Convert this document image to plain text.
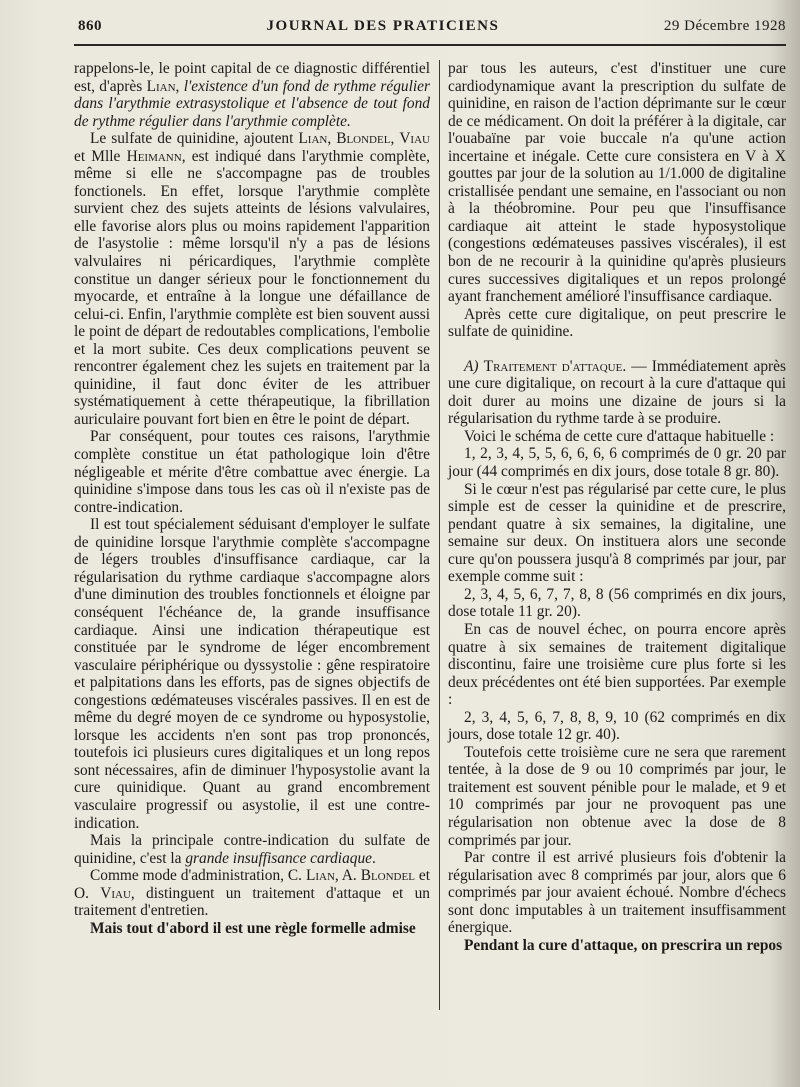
860	JOURNAL DES PRATICIENS	29 Décembre 1928

rappelons-le, le point capital de ce diagnostic différentiel est, d'après Lian, l'existence d'un fond de rythme régulier dans l'arythmie extrasystolique et l'absence de tout fond de rythme régulier dans l'arythmie complète.

Le sulfate de quinidine, ajoutent Lian, Blondel, Viau et Mlle Heimann, est indiqué dans l'arythmie complète, même si elle ne s'accompagne pas de troubles fonctionels. En effet, lorsque l'arythmie complète survient chez des sujets atteints de lésions valvulaires, elle favorise alors plus ou moins rapidement l'apparition de l'asystolie : même lorsqu'il n'y a pas de lésions valvulaires ni péricardiques, l'arythmie complète constitue un danger sérieux pour le fonctionnement du myocarde, et entraîne à la longue une défaillance de celui-ci. Enfin, l'arythmie complète est bien souvent aussi le point de départ de redoutables complications, l'embolie et la mort subite. Ces deux complications peuvent se rencontrer également chez les sujets en traitement par la quinidine, il faut donc éviter de les attribuer systématiquement à cette thérapeutique, la fibrillation auriculaire pouvant fort bien en être le point de départ.

Par conséquent, pour toutes ces raisons, l'arythmie complète constitue un état pathologique loin d'être négligeable et mérite d'être combattue avec énergie. La quinidine s'impose dans tous les cas où il n'existe pas de contre-indication.

Il est tout spécialement séduisant d'employer le sulfate de quinidine lorsque l'arythmie complète s'accompagne de légers troubles d'insuffisance cardiaque, car la régularisation du rythme cardiaque s'accompagne alors d'une diminution des troubles fonctionnels et éloigne par conséquent l'échéance de, la grande insuffisance cardiaque. Ainsi une indication thérapeutique est constituée par le syndrome de léger encombrement vasculaire périphérique ou dyssystolie : gêne respiratoire et palpitations dans les efforts, pas de signes objectifs de congestions œdémateuses viscérales passives. Il en est de même du degré moyen de ce syndrome ou hyposystolie, lorsque les accidents n'en sont pas trop prononcés, toutefois ici plusieurs cures digitaliques et un long repos sont nécessaires, afin de diminuer l'hyposystolie avant la cure quinidique. Quant au grand encombrement vasculaire progressif ou asystolie, il est une contre-indication.

Mais la principale contre-indication du sulfate de quinidine, c'est la grande insuffisance cardiaque.

Comme mode d'administration, C. Lian, A. Blondel et O. Viau, distinguent un traitement d'attaque et un traitement d'entretien.

Mais tout d'abord il est une règle formelle admise

par tous les auteurs, c'est d'instituer une cure cardiodynamique avant la prescription du sulfate de quinidine, en raison de l'action déprimante sur le cœur de ce médicament. On doit la préférer à la digitale, car l'ouabaïne par voie buccale n'a qu'une action incertaine et inégale. Cette cure consistera en V à X gouttes par jour de la solution au 1/1.000 de digitaline cristallisée pendant une semaine, en l'associant ou non à la théobromine. Pour peu que l'insuffisance cardiaque ait atteint le stade hyposystolique (congestions œdémateuses passives viscérales), il est bon de ne recourir à la quinidine qu'après plusieurs cures successives digitaliques et un repos prolongé ayant franchement amélioré l'insuffisance cardiaque.

Après cette cure digitalique, on peut prescrire le sulfate de quinidine.

A) Traitement d'attaque. — Immédiatement après une cure digitalique, on recourt à la cure d'attaque qui doit durer au moins une dizaine de jours si la régularisation du rythme tarde à se produire.

Voici le schéma de cette cure d'attaque habituelle :

1, 2, 3, 4, 5, 5, 6, 6, 6, 6 comprimés de 0 gr. 20 par jour (44 comprimés en dix jours, dose totale 8 gr. 80).

Si le cœur n'est pas régularisé par cette cure, le plus simple est de cesser la quinidine et de prescrire, pendant quatre à six semaines, la digitaline, une semaine sur deux. On instituera alors une seconde cure qu'on poussera jusqu'à 8 comprimés par jour, par exemple comme suit :

2, 3, 4, 5, 6, 7, 7, 8, 8 (56 comprimés en dix jours, dose totale 11 gr. 20).

En cas de nouvel échec, on pourra encore après quatre à six semaines de traitement digitalique discontinu, faire une troisième cure plus forte si les deux précédentes ont été bien supportées. Par exemple :

2, 3, 4, 5, 6, 7, 8, 8, 9, 10 (62 comprimés en dix jours, dose totale 12 gr. 40).

Toutefois cette troisième cure ne sera que rarement tentée, à la dose de 9 ou 10 comprimés par jour, le traitement est souvent pénible pour le malade, et 9 et 10 comprimés par jour ne provoquent pas une régularisation non obtenue avec la dose de 8 comprimés par jour.

Par contre il est arrivé plusieurs fois d'obtenir la régularisation avec 8 comprimés par jour, alors que 6 comprimés par jour avaient échoué. Nombre d'échecs sont donc imputables à un traitement insuffisamment énergique.

Pendant la cure d'attaque, on prescrira un repos
